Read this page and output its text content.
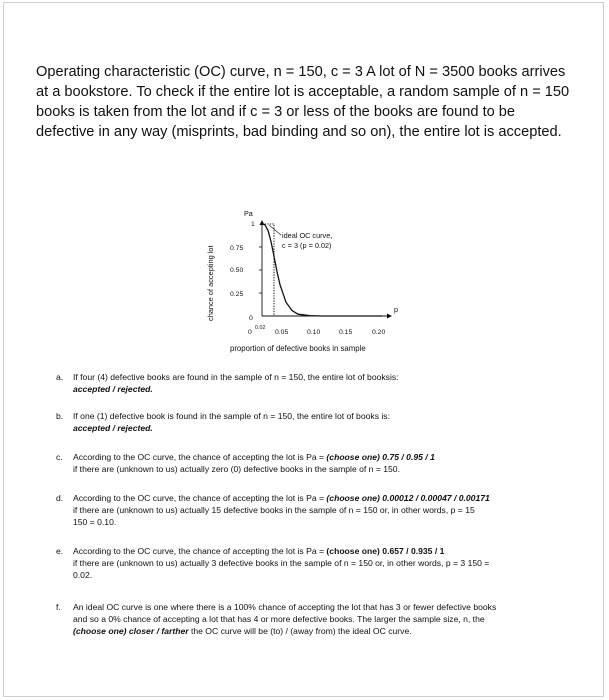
Operating characteristic (OC) curve, n = 150, c = 3 A lot of N = 3500 books arrives at a bookstore. To check if the entire lot is acceptable, a random sample of n = 150 books is taken from the lot and if c = 3 or less of the books are found to be defective in any way (misprints, bad binding and so on), the entire lot is accepted.
Pa
chance of accepting lot	p
proportion of defective books in sample
1
0.75
0.50
0.25
0
0
0.02
0.05	0.10	0.15	0.20
ideal OC curve,
c = 3 (p = 0.02)
a. If four (4) defective books are found in the sample of n = 150, the entire lot of booksis:
accepted / rejected.
b. If one (1) defective book is found in the sample of n = 150, the entire lot of books is:
accepted / rejected.
c. According to the OC curve, the chance of accepting the lot is Pa = (choose one) 0.75 / 0.95 / 1
if there are (unknown to us) actually zero (0) defective books in the sample of n = 150.
d. According to the OC curve, the chance of accepting the lot is Pa = (choose one) 0.00012 / 0.00047 / 0.00171
if there are (unknown to us) actually 15 defective books in the sample of n = 150 or, in other words, p = 15
150 = 0.10.
e. According to the OC curve, the chance of accepting the lot is Pa = (choose one) 0.657 / 0.935 / 1
if there are (unknown to us) actually 3 defective books in the sample of n = 150 or, in other words, p = 3 150 =
0.02.
f. An ideal OC curve is one where there is a 100% chance of accepting the lot that has 3 or fewer defective books
and so a 0% chance of accepting a lot that has 4 or more defective books. The larger the sample size, n, the
(choose one) closer / farther the OC curve will be (to) / (away from) the ideal OC curve.
